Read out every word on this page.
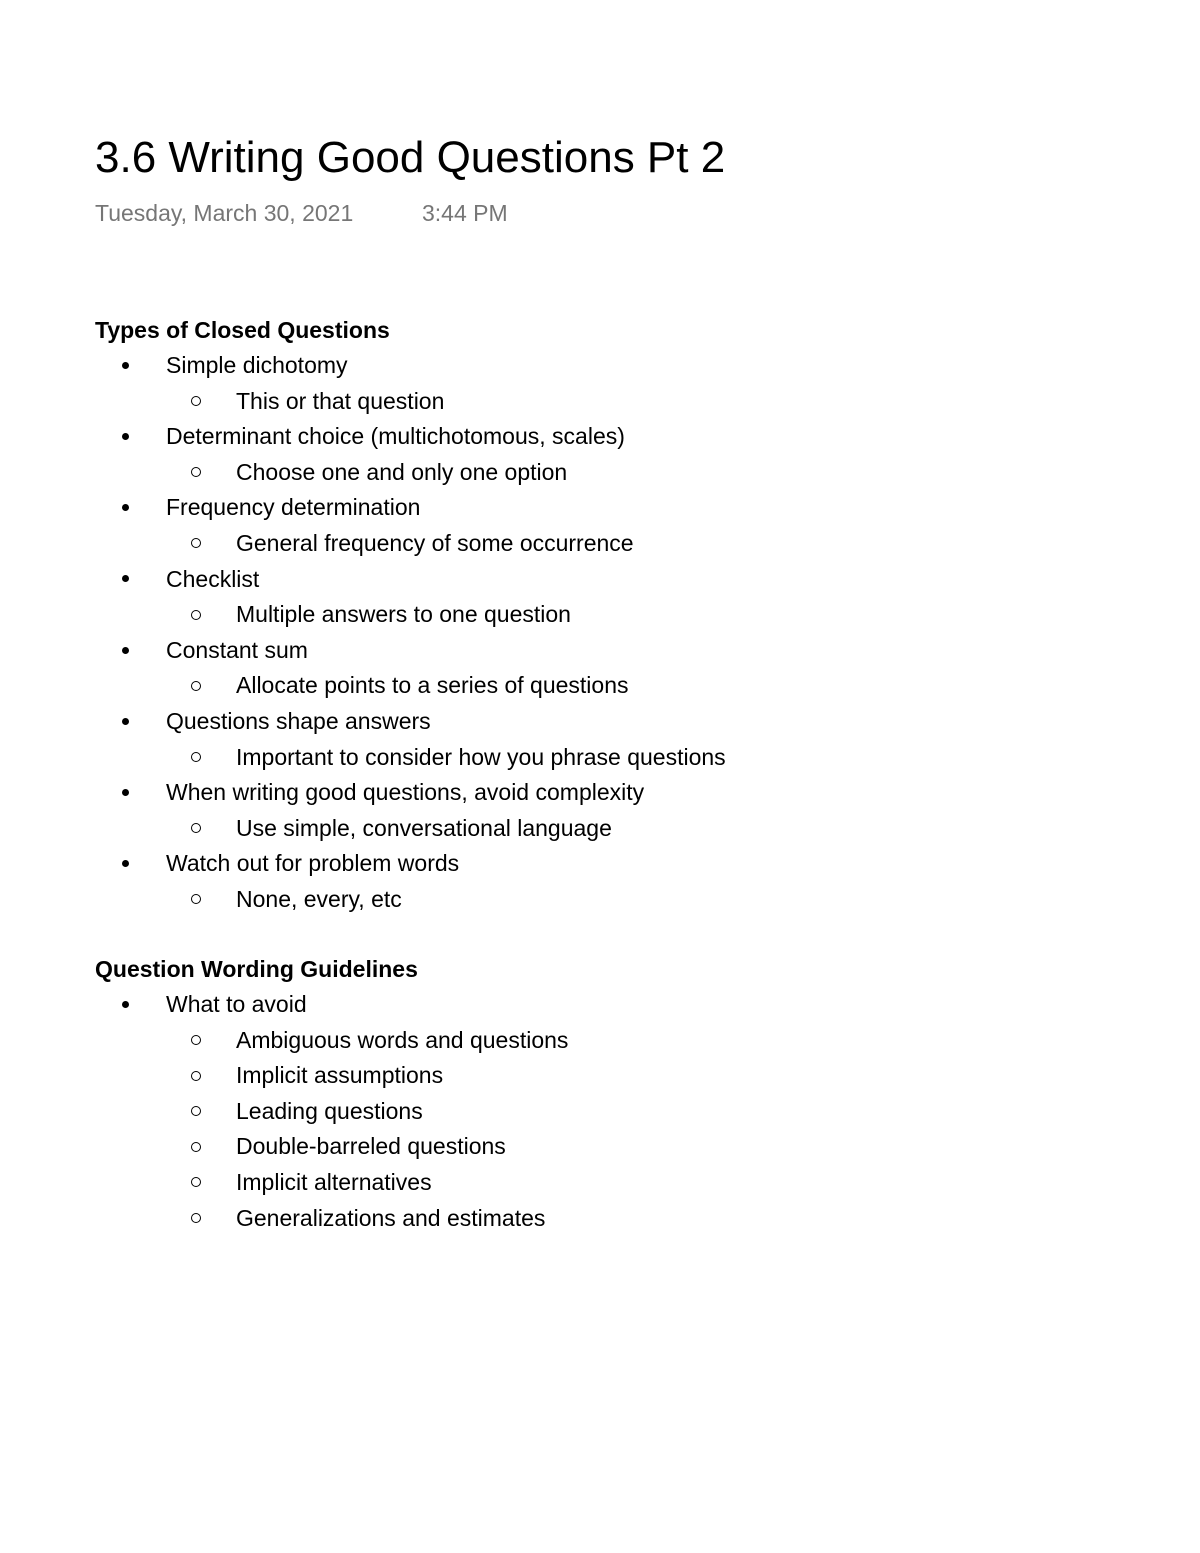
3.6 Writing Good Questions Pt 2
Tuesday, March 30, 2021	3:44 PM
Types of Closed Questions
Simple dichotomy
This or that question
Determinant choice (multichotomous, scales)
Choose one and only one option
Frequency determination
General frequency of some occurrence
Checklist
Multiple answers to one question
Constant sum
Allocate points to a series of questions
Questions shape answers
Important to consider how you phrase questions
When writing good questions, avoid complexity
Use simple, conversational language
Watch out for problem words
None, every, etc
Question Wording Guidelines
What to avoid
Ambiguous words and questions
Implicit assumptions
Leading questions
Double-barreled questions
Implicit alternatives
Generalizations and estimates
